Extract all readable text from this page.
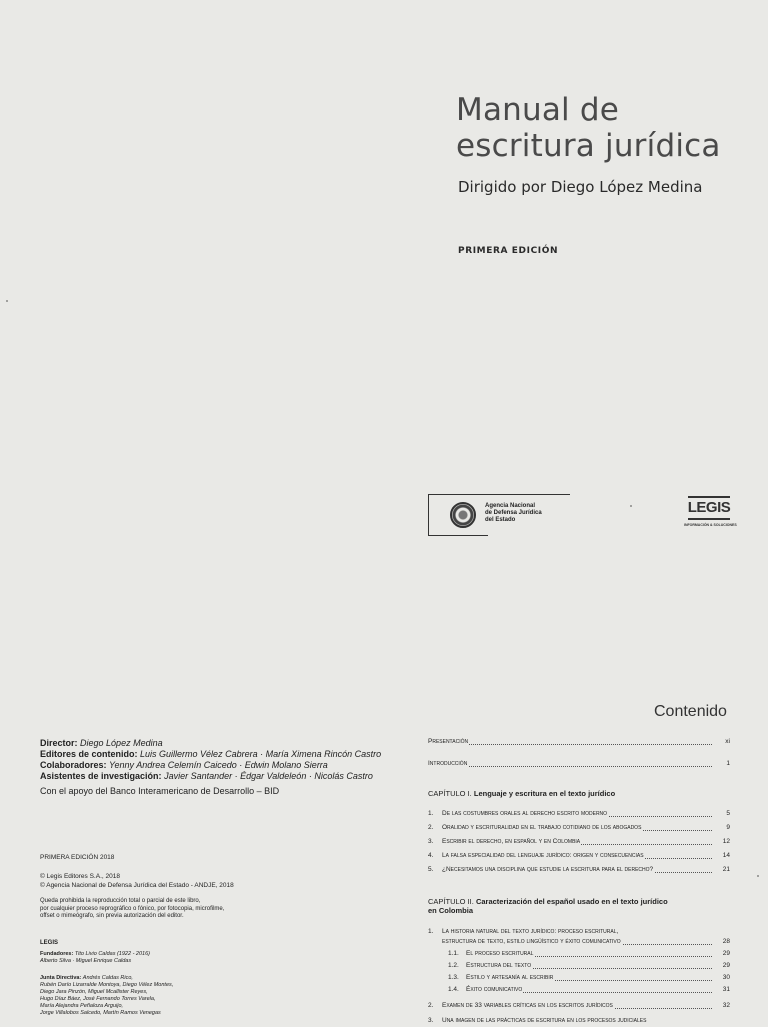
Manual de
escritura jurídica
Dirigido por Diego López Medina
PRIMERA EDICIÓN
Agencia Nacional
de Defensa Jurídica
del Estado
LEGIS
INFORMACIÓN & SOLUCIONES
Director: Diego López Medina
Editores de contenido: Luis Guillermo Vélez Cabrera · María Ximena Rincón Castro
Colaboradores: Yenny Andrea Celemín Caicedo · Edwin Molano Sierra
Asistentes de investigación: Javier Santander · Édgar Valdeleón · Nicolás Castro
Con el apoyo del Banco Interamericano de Desarrollo – BID
PRIMERA EDICIÓN 2018
© Legis Editores S.A., 2018
© Agencia Nacional de Defensa Jurídica del Estado - ANDJE, 2018
Queda prohibida la reproducción total o parcial de este libro,
por cualquier proceso reprográfico o fónico, por fotocopia, microfilme,
offset o mimeógrafo, sin previa autorización del editor.
LEGIS
Fundadores: Tito Livio Caldas (1922 - 2016)
Alberto Silva · Miguel Enrique Caldas
Junta Directiva: Andrés Caldas Rico,
Rubén Darío Lizarralde Montoya, Diego Vélez Montes,
Diego Jara Pinzón, Miguel Mcallister Reyes,
Hugo Díaz Báez, José Fernando Torres Varela,
María Alejandra Peñaloza Arguijo,
Jorge Villalobos Salcedo, Martín Ramos Venegas
Contenido
Presentación	xi
Introducción	1
CAPÍTULO I. Lenguaje y escritura en el texto jurídico
1. De las costumbres orales al derecho escrito moderno	5
2. Oralidad y escrituralidad en el trabajo cotidiano de los abogados	9
3. Escribir el derecho, en español y en Colombia	12
4. La falsa especialidad del lenguaje jurídico: origen y consecuencias	14
5. ¿Necesitamos una disciplina que estudie la escritura para el derecho?	21
CAPÍTULO II. Caracterización del español usado en el texto jurídico
en Colombia
1. La historia natural del texto jurídico: proceso escritural,
estructura de texto, estilo lingüístico y éxito comunicativo	28
1.1. El proceso escritural	29
1.2. Estructura del texto	29
1.3. Estilo y artesanía al escribir	30
1.4. Éxito comunicativo	31
2. Examen de 33 variables críticas en los escritos jurídicos	32
3. Una imagen de las prácticas de escritura en los procesos judiciales
